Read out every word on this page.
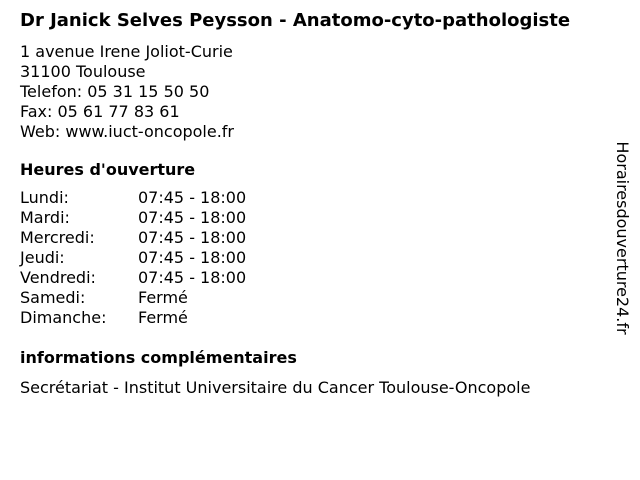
Dr Janick Selves Peysson - Anatomo-cyto-pathologiste
1 avenue Irene Joliot-Curie
31100 Toulouse
Telefon: 05 31 15 50 50
Fax: 05 61 77 83 61
Web: www.iuct-oncopole.fr
Heures d'ouverture
Lundi:	07:45 - 18:00
Mardi:	07:45 - 18:00
Mercredi:	07:45 - 18:00
Jeudi:	07:45 - 18:00
Vendredi:	07:45 - 18:00
Samedi:	Fermé
Dimanche:	Fermé
informations complémentaires
Secrétariat - Institut Universitaire du Cancer Toulouse-Oncopole
Horairesdouverture24.fr
